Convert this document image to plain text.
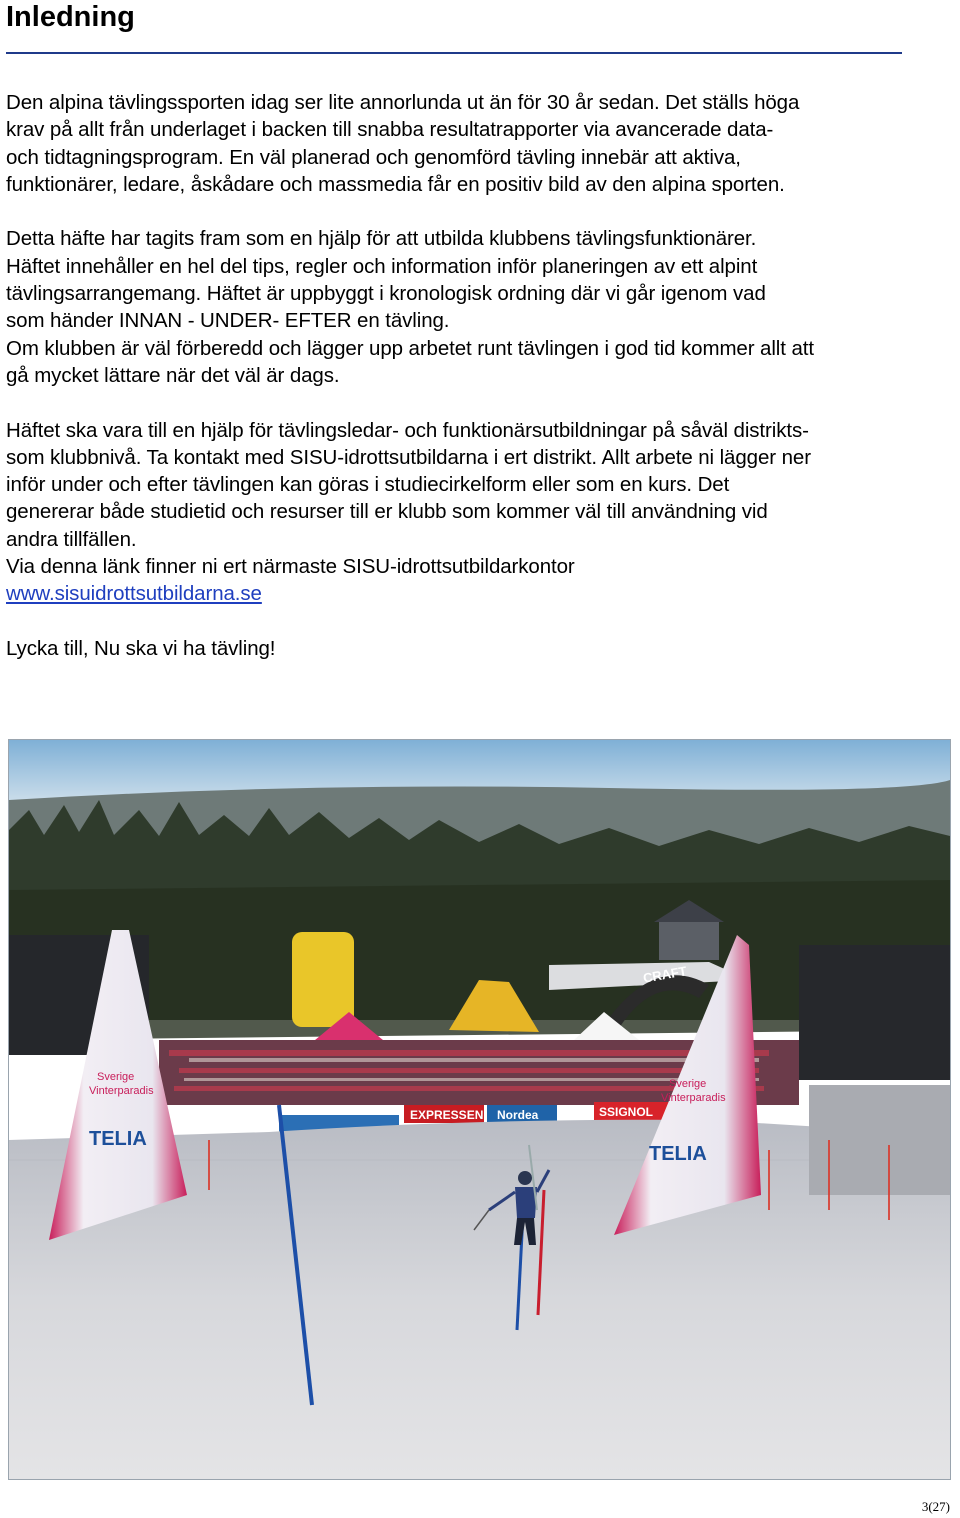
Inledning

Den alpina tävlingssporten idag ser lite annorlunda ut än för 30 år sedan. Det ställs höga

krav på allt från underlaget i backen till snabba resultatrapporter via avancerade data-

och tidtagningsprogram. En väl planerad och genomförd tävling innebär att aktiva,

funktionärer, ledare, åskådare och massmedia får en positiv bild av den alpina sporten.

Detta häfte har tagits fram som en hjälp för att utbilda klubbens tävlingsfunktionärer.

Häftet innehåller en hel del tips, regler och information inför planeringen av ett alpint

tävlingsarrangemang. Häftet är uppbyggt i kronologisk ordning där vi går igenom vad

som händer INNAN - UNDER- EFTER en tävling.

Om klubben är väl förberedd och lägger upp arbetet runt tävlingen i god tid kommer allt att

gå mycket lättare när det väl är dags.

Häftet ska vara till en hjälp för tävlingsledar- och funktionärsutbildningar på såväl distrikts-

som klubbnivå. Ta kontakt med SISU-idrottsutbildarna i ert distrikt. Allt arbete ni lägger ner

inför under och efter tävlingen kan göras i studiecirkelform eller som en kurs. Det

genererar både studietid och resurser till er klubb som kommer väl till användning vid

andra tillfällen.

Via denna länk finner ni ert närmaste SISU-idrottsutbildarkontor

www.sisuidrottsutbildarna.se

Lycka till, Nu ska vi ha tävling!

CRAFT
EXPRESSEN Nordea	SSIGNOL
TELIA
Sverige
Vinterparadis
TELIA
Sverige
Vinterparadis
3(27)
